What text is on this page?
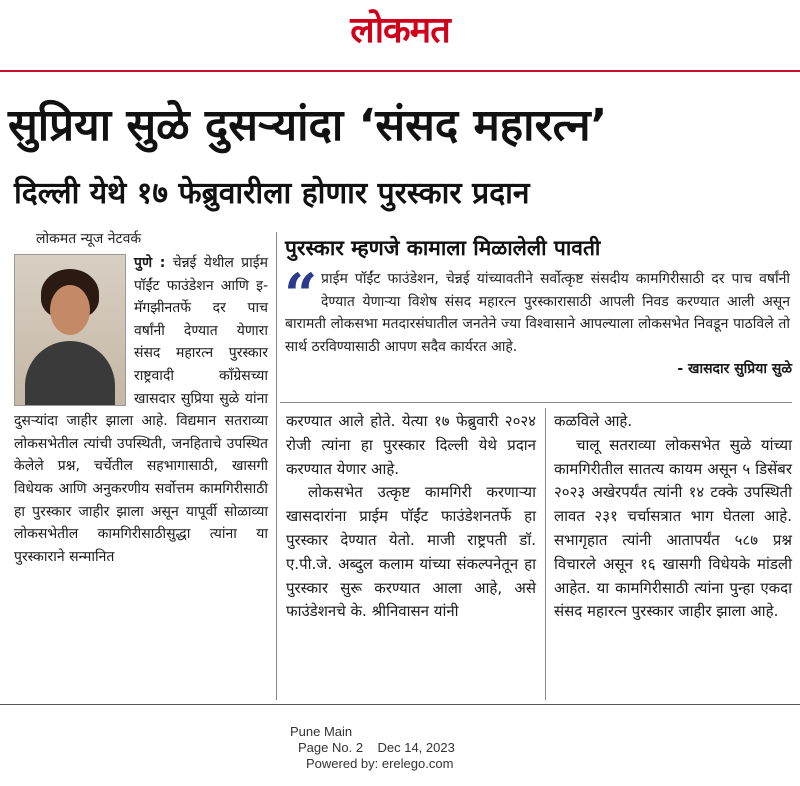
लोकमत
सुप्रिया सुळे दुसऱ्यांदा ‘संसद महारत्न’
दिल्ली येथे १७ फेब्रुवारीला होणार पुरस्कार प्रदान
लोकमत न्यूज नेटवर्क

पुणे : चेन्नई येथील प्राईम पॉईंट फाउंडेशन आणि इ- मॅगझीनतर्फे दर पाच वर्षांनी देण्यात येणारा संसद महारत्न पुरस्कार राष्ट्रवादी काँग्रेसच्या खासदार सुप्रिया सुळे यांना दुसऱ्यांदा जाहीर झाला आहे. विद्यमान सतराव्या लोकसभेतील त्यांची उपस्थिती, जनहिताचे उपस्थित केलेले प्रश्न, चर्चेतील सहभागासाठी, खासगी विधेयक आणि अनुकरणीय सर्वोत्तम कामगिरीसाठी हा पुरस्कार जाहीर झाला असून यापूर्वी सोळाव्या लोकसभेतील कामगिरीसाठीसुद्धा त्यांना या पुरस्काराने सन्मानित

पुरस्कार म्हणजे कामाला मिळालेली पावती
“ प्राईम पॉईंट फाउंडेशन, चेन्नई यांच्यावतीने सर्वोत्कृष्ट संसदीय कामगिरीसाठी दर पाच वर्षांनी देण्यात येणाऱ्या विशेष संसद महारत्न पुरस्कारासाठी आपली निवड करण्यात आली असून बारामती लोकसभा मतदारसंघातील जनतेने ज्या विश्वासाने आपल्याला लोकसभेत निवडून पाठविले तो सार्थ ठरविण्यासाठी आपण सदैव कार्यरत आहे.
- खासदार सुप्रिया सुळे

करण्यात आले होते. येत्या १७ फेब्रुवारी २०२४ रोजी त्यांना हा पुरस्कार दिल्ली येथे प्रदान करण्यात येणार आहे.

लोकसभेत उत्कृष्ट कामगिरी करणाऱ्या खासदारांना प्राईम पॉईंट फाउंडेशनतर्फे हा पुरस्कार देण्यात येतो. माजी राष्ट्रपती डॉ. ए.पी.जे. अब्दुल कलाम यांच्या संकल्पनेतून हा पुरस्कार सुरू करण्यात आला आहे, असे फाउंडेशनचे के. श्रीनिवासन यांनी

कळविले आहे.

चालू सतराव्या लोकसभेत सुळे यांच्या कामगिरीतील सातत्य कायम असून ५ डिसेंबर २०२३ अखेरपर्यंत त्यांनी १४ टक्के उपस्थिती लावत २३१ चर्चासत्रात भाग घेतला आहे. सभागृहात त्यांनी आतापर्यंत ५८७ प्रश्न विचारले असून १६ खासगी विधेयके मांडली आहेत. या कामगिरीसाठी त्यांना पुन्हा एकदा संसद महारत्न पुरस्कार जाहीर झाला आहे.

Pune Main
Page No. 2    Dec 14, 2023
Powered by: erelego.com
